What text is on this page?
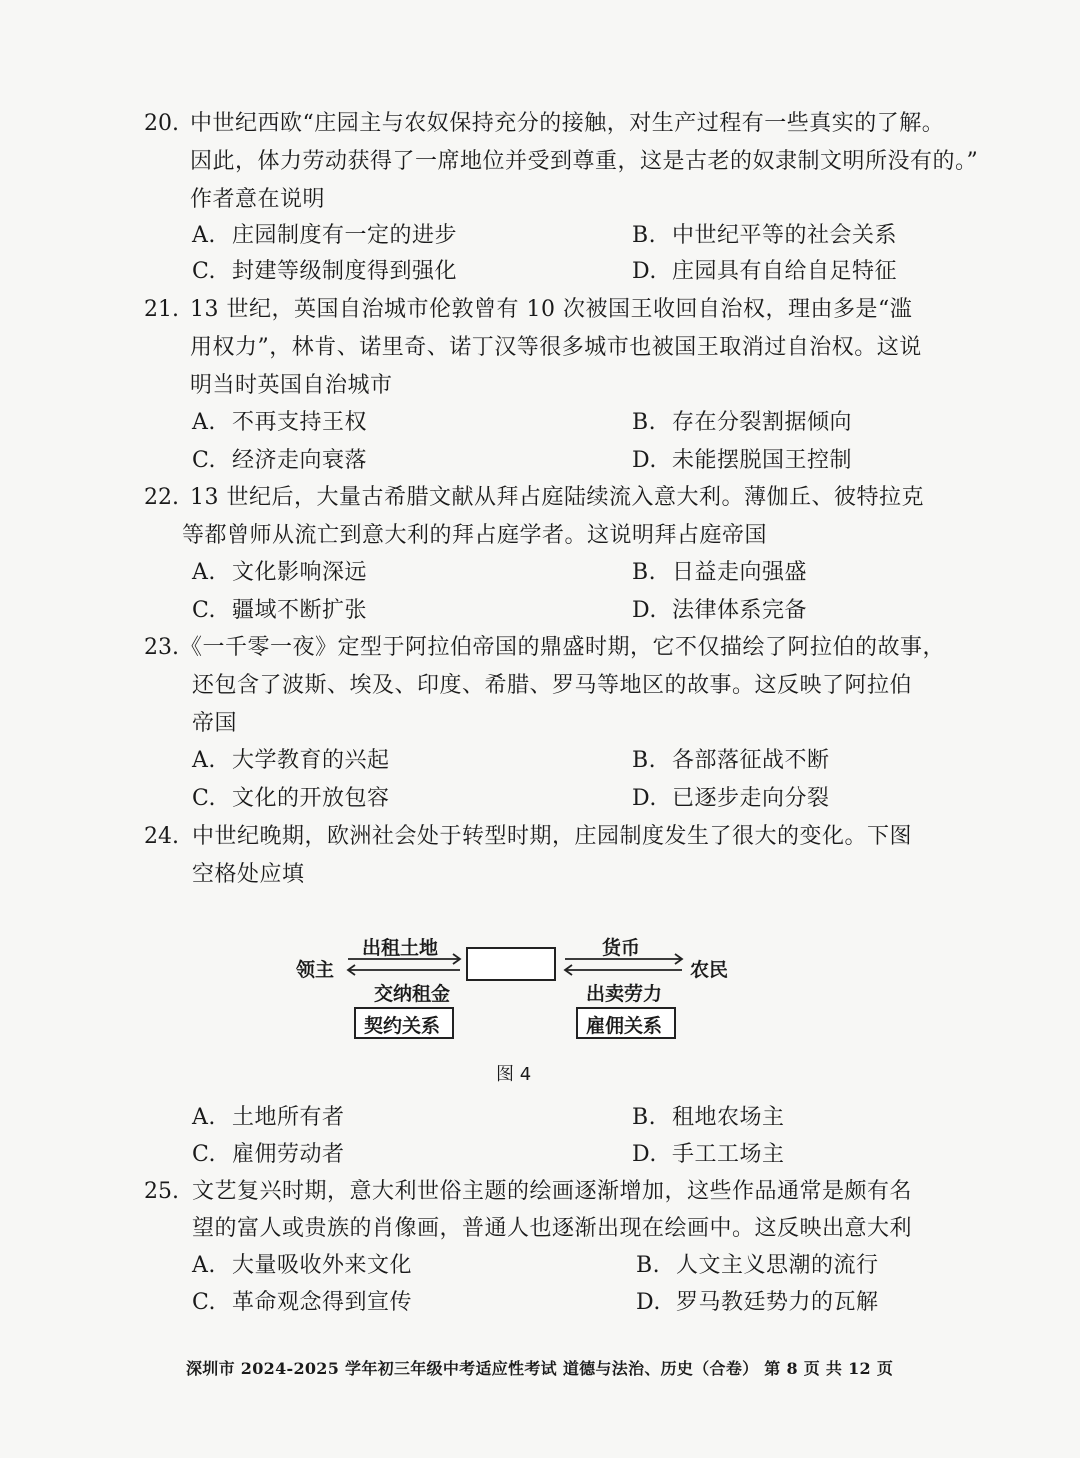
20. 中世纪西欧“庄园主与农奴保持充分的接触，对生产过程有一些真实的了解。
因此，体力劳动获得了一席地位并受到尊重，这是古老的奴隶制文明所没有的。”
作者意在说明
A. 庄园制度有一定的进步	B. 中世纪平等的社会关系
C. 封建等级制度得到强化	D. 庄园具有自给自足特征
21. 13 世纪，英国自治城市伦敦曾有 10 次被国王收回自治权，理由多是“滥
用权力”，林肯、诺里奇、诺丁汉等很多城市也被国王取消过自治权。这说
明当时英国自治城市
A. 不再支持王权	B. 存在分裂割据倾向
C. 经济走向衰落	D. 未能摆脱国王控制
22. 13 世纪后，大量古希腊文献从拜占庭陆续流入意大利。薄伽丘、彼特拉克
等都曾师从流亡到意大利的拜占庭学者。这说明拜占庭帝国
A. 文化影响深远	B. 日益走向强盛
C. 疆域不断扩张	D. 法律体系完备
23. 《一千零一夜》定型于阿拉伯帝国的鼎盛时期，它不仅描绘了阿拉伯的故事，
还包含了波斯、埃及、印度、希腊、罗马等地区的故事。这反映了阿拉伯
帝国
A. 大学教育的兴起	B. 各部落征战不断
C. 文化的开放包容	D. 已逐步走向分裂
24. 中世纪晚期，欧洲社会处于转型时期，庄园制度发生了很大的变化。下图
空格处应填
A. 土地所有者	B. 租地农场主
C. 雇佣劳动者	D. 手工工场主
领主
出租土地
交纳租金
货币
出卖劳力
农民
契约关系	雇佣关系
图 4
25. 文艺复兴时期，意大利世俗主题的绘画逐渐增加，这些作品通常是颇有名
望的富人或贵族的肖像画，普通人也逐渐出现在绘画中。这反映出意大利
A. 大量吸收外来文化	B. 人文主义思潮的流行
C. 革命观念得到宣传	D. 罗马教廷势力的瓦解
深圳市 2024-2025 学年初三年级中考适应性考试 道德与法治、历史（合卷） 第 8 页 共 12 页
